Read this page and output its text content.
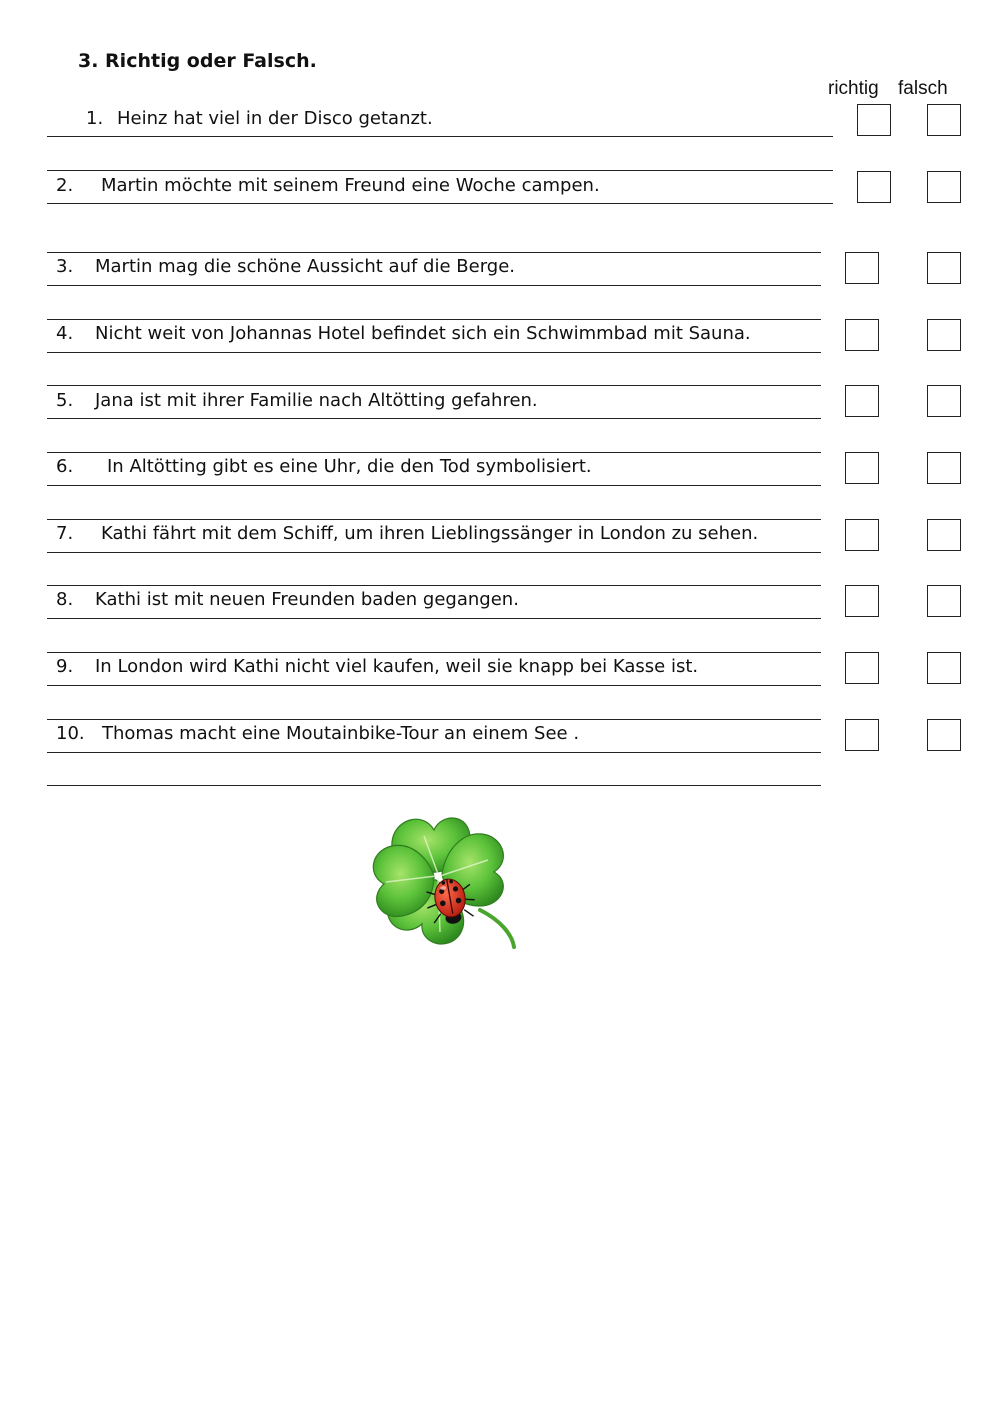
3. Richtig oder Falsch.
richtig falsch
1. Heinz hat viel in der Disco getanzt.
2. Martin möchte mit seinem Freund eine Woche campen.
3. Martin mag die schöne Aussicht auf die Berge.
4. Nicht weit von Johannas Hotel befindet sich ein Schwimmbad mit Sauna.
5. Jana ist mit ihrer Familie nach Altötting gefahren.
6. In Altötting gibt es eine Uhr, die den Tod symbolisiert.
7. Kathi fährt mit dem Schiff, um ihren Lieblingssänger in London zu sehen.
8. Kathi ist mit neuen Freunden baden gegangen.
9. In London wird Kathi nicht viel kaufen, weil sie knapp bei Kasse ist.
10. Thomas macht eine Moutainbike-Tour an einem See .
